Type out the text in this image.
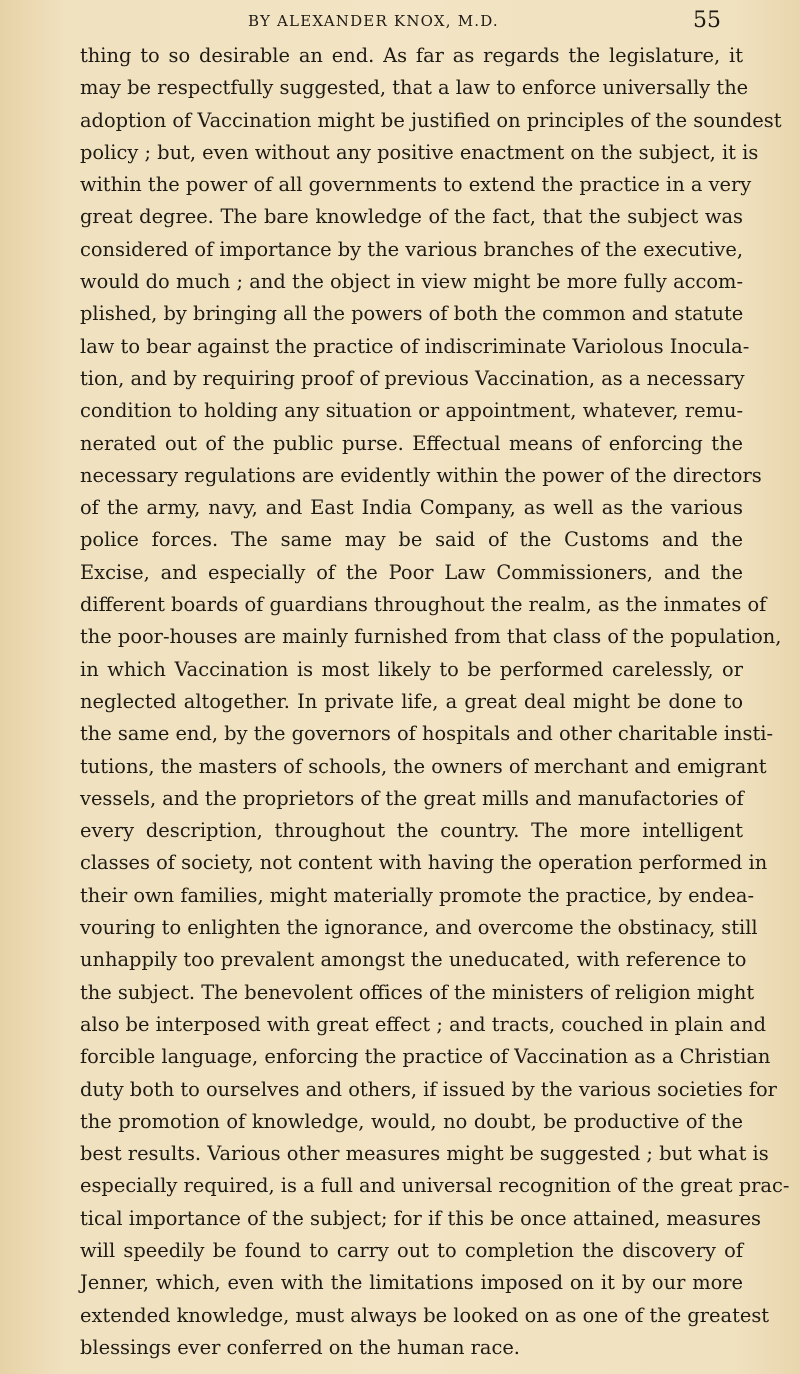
BY ALEXANDER KNOX, M.D.	55
thing to so desirable an end. As far as regards the legislature, it
may be respectfully suggested, that a law to enforce universally the
adoption of Vaccination might be justified on principles of the soundest
policy ; but, even without any positive enactment on the subject, it is
within the power of all governments to extend the practice in a very
great degree. The bare knowledge of the fact, that the subject was
considered of importance by the various branches of the executive,
would do much ; and the object in view might be more fully accom-
plished, by bringing all the powers of both the common and statute
law to bear against the practice of indiscriminate Variolous Inocula-
tion, and by requiring proof of previous Vaccination, as a necessary
condition to holding any situation or appointment, whatever, remu-
nerated out of the public purse. Effectual means of enforcing the
necessary regulations are evidently within the power of the directors
of the army, navy, and East India Company, as well as the various
police forces. The same may be said of the Customs and the
Excise, and especially of the Poor Law Commissioners, and the
different boards of guardians throughout the realm, as the inmates of
the poor-houses are mainly furnished from that class of the population,
in which Vaccination is most likely to be performed carelessly, or
neglected altogether. In private life, a great deal might be done to
the same end, by the governors of hospitals and other charitable insti-
tutions, the masters of schools, the owners of merchant and emigrant
vessels, and the proprietors of the great mills and manufactories of
every description, throughout the country. The more intelligent
classes of society, not content with having the operation performed in
their own families, might materially promote the practice, by endea-
vouring to enlighten the ignorance, and overcome the obstinacy, still
unhappily too prevalent amongst the uneducated, with reference to
the subject. The benevolent offices of the ministers of religion might
also be interposed with great effect ; and tracts, couched in plain and
forcible language, enforcing the practice of Vaccination as a Christian
duty both to ourselves and others, if issued by the various societies for
the promotion of knowledge, would, no doubt, be productive of the
best results. Various other measures might be suggested ; but what is
especially required, is a full and universal recognition of the great prac-
tical importance of the subject; for if this be once attained, measures
will speedily be found to carry out to completion the discovery of
Jenner, which, even with the limitations imposed on it by our more
extended knowledge, must always be looked on as one of the greatest
blessings ever conferred on the human race.
